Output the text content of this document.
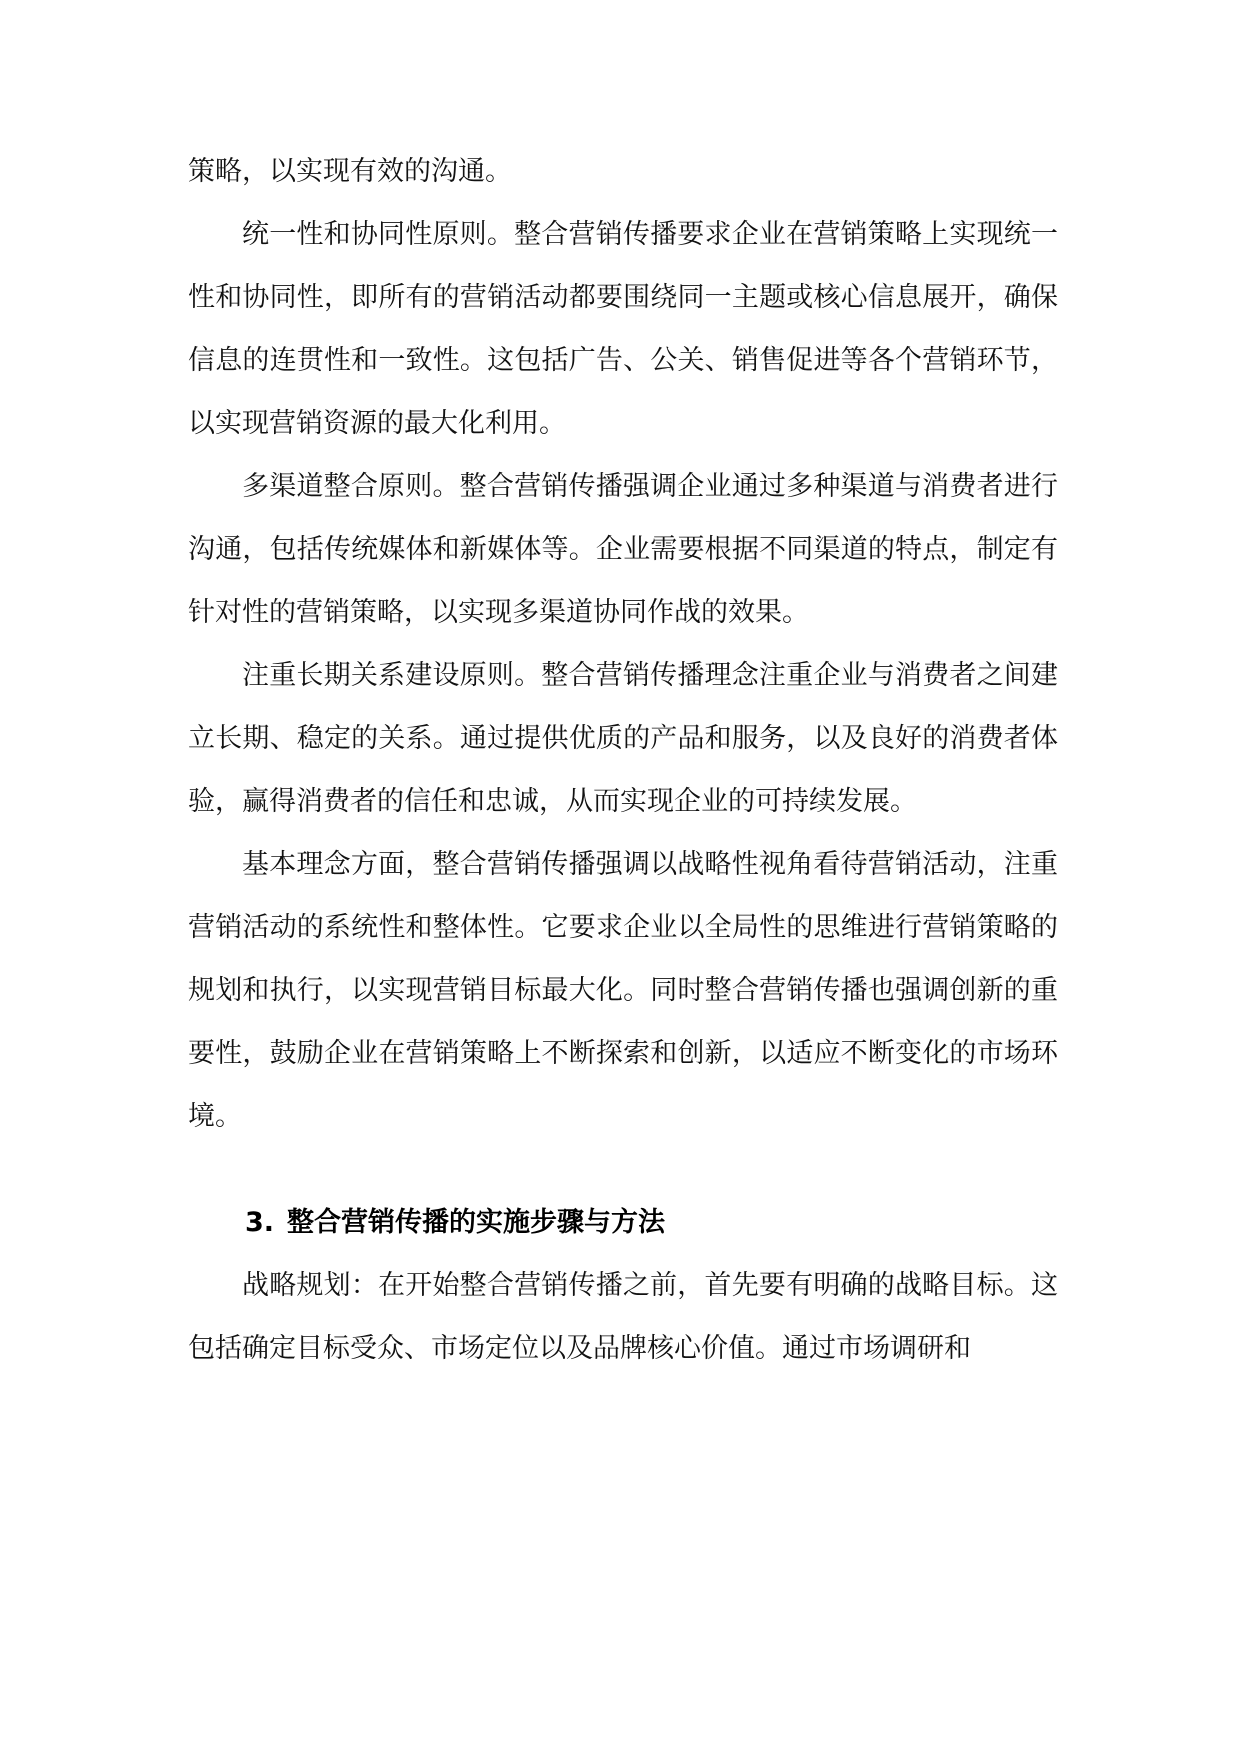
策略，以实现有效的沟通。

统一性和协同性原则。整合营销传播要求企业在营销策略上实现统一性和协同性，即所有的营销活动都要围绕同一主题或核心信息展开，确保信息的连贯性和一致性。这包括广告、公关、销售促进等各个营销环节，以实现营销资源的最大化利用。

多渠道整合原则。整合营销传播强调企业通过多种渠道与消费者进行沟通，包括传统媒体和新媒体等。企业需要根据不同渠道的特点，制定有针对性的营销策略，以实现多渠道协同作战的效果。

注重长期关系建设原则。整合营销传播理念注重企业与消费者之间建立长期、稳定的关系。通过提供优质的产品和服务，以及良好的消费者体验，赢得消费者的信任和忠诚，从而实现企业的可持续发展。

基本理念方面，整合营销传播强调以战略性视角看待营销活动，注重营销活动的系统性和整体性。它要求企业以全局性的思维进行营销策略的规划和执行，以实现营销目标最大化。同时整合营销传播也强调创新的重要性，鼓励企业在营销策略上不断探索和创新，以适应不断变化的市场环境。

3. 整合营销传播的实施步骤与方法

战略规划：在开始整合营销传播之前，首先要有明确的战略目标。这包括确定目标受众、市场定位以及品牌核心价值。通过市场调研和
